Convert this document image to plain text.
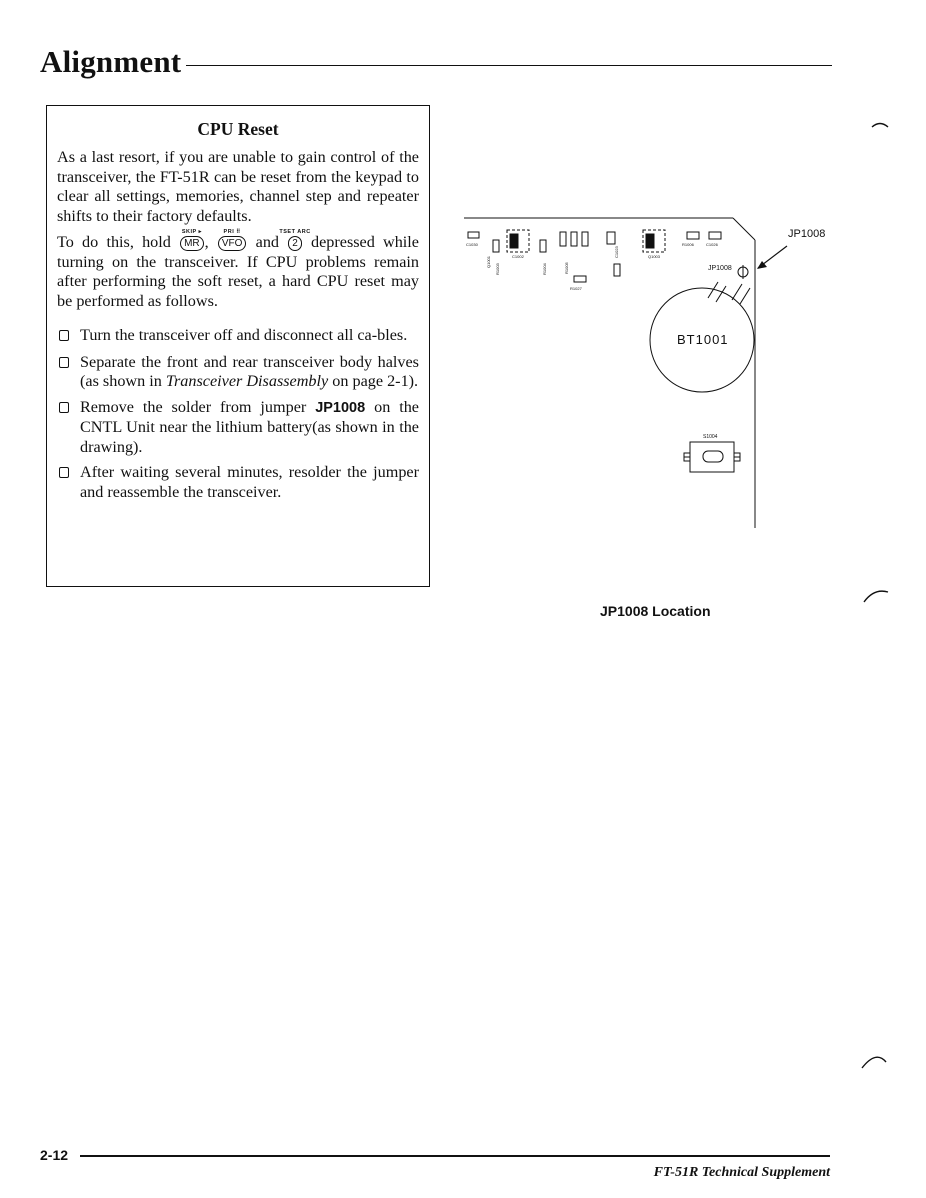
Alignment
CPU Reset
As a last resort, if you are unable to gain control of the transceiver, the FT-51R can be reset from the keypad to clear all settings, memories, channel step and repeater shifts to their factory defaults.
To do this, hold
SKIP ▸
MR ,
PRI ⠿
VFO and
TSET ARC
2 depressed while turning on the transceiver. If CPU problems remain after performing the soft reset, a hard CPU reset may be performed as follows.
Turn the transceiver off and disconnect all ca-bles.
Separate the front and rear transceiver body halves (as shown in Transceiver Disassembly on page 2-1).
Remove the solder from jumper JP1008 on the CNTL Unit near the lithium battery(as shown in the drawing).
After waiting several minutes, resolder the jumper and reassemble the transceiver.
JP1008
JP1008
BT1001
S1004
C1030
C1002
R1003	R1004	R1005
R1027
C1023	Q1003
R1006	C1026
Q1001
JP1008 Location
2-12
FT-51R Technical Supplement
